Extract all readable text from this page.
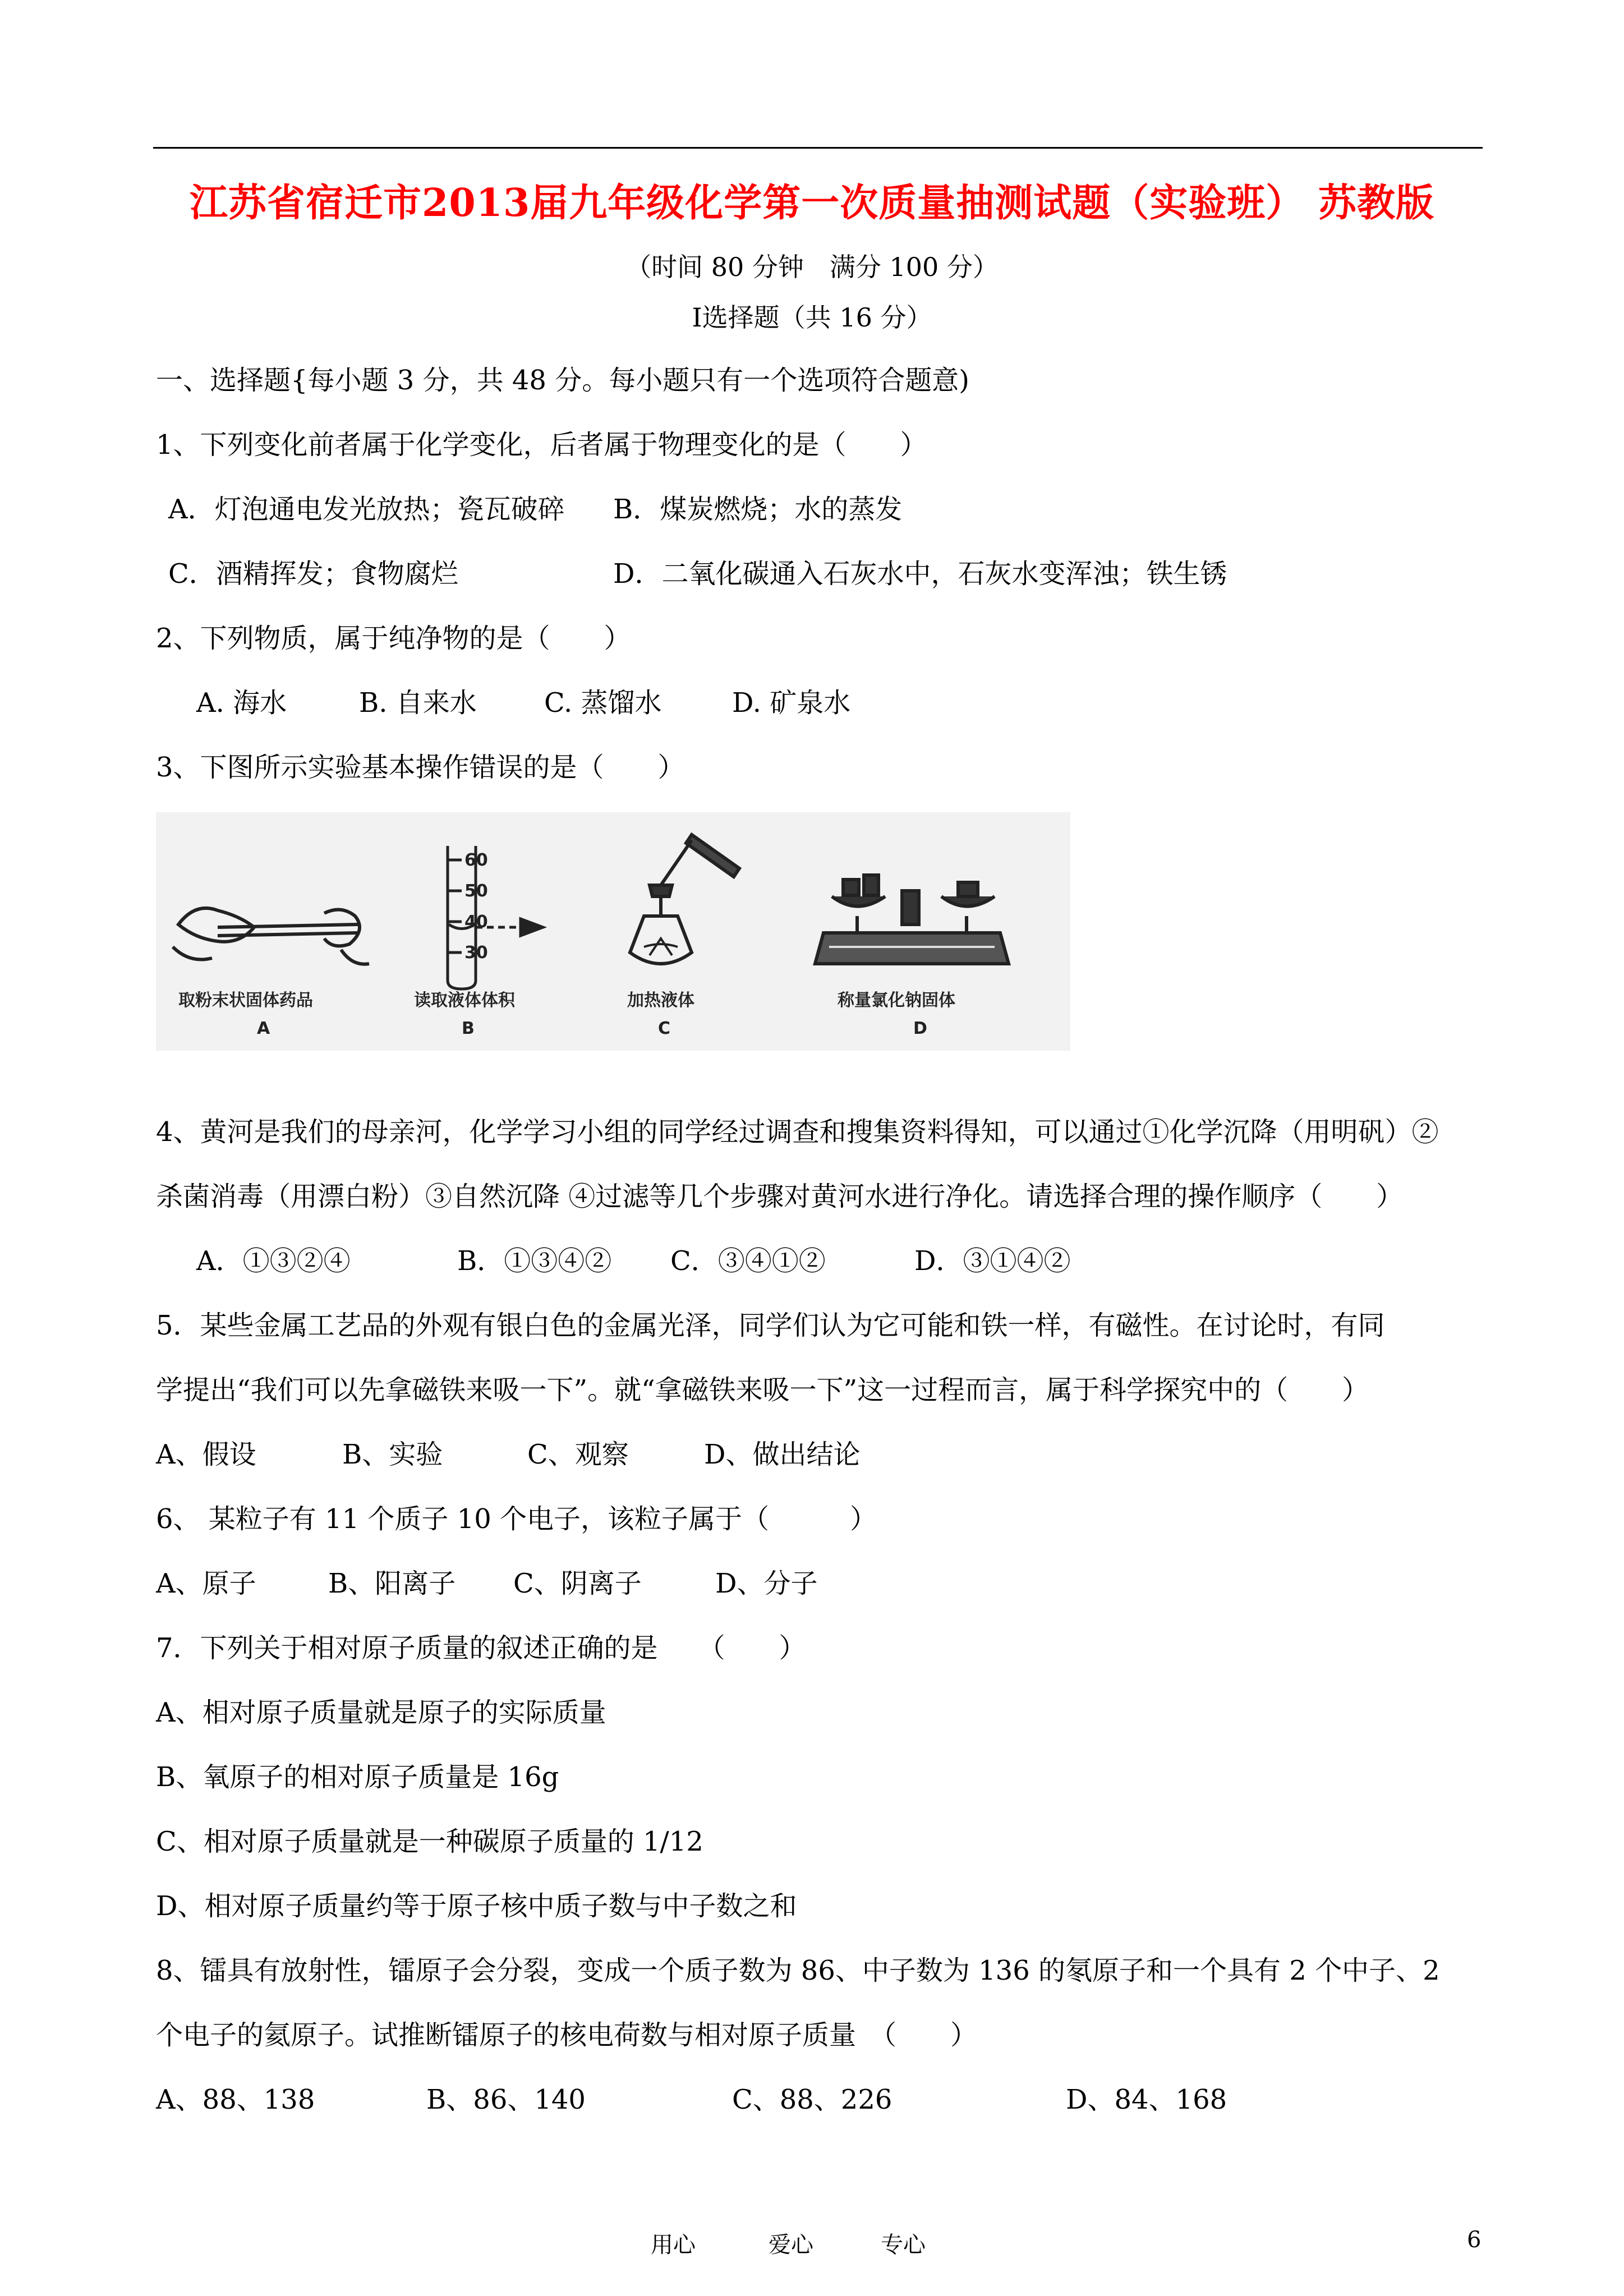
江苏省宿迁市2013届九年级化学第一次质量抽测试题（实验班） 苏教版
（时间 80 分钟　满分 100 分）
Ⅰ选择题（共 16 分）
一、选择题{每小题 3 分，共 48 分。每小题只有一个选项符合题意)
1、下列变化前者属于化学变化，后者属于物理变化的是（　　）
A．灯泡通电发光放热；瓷瓦破碎 B．煤炭燃烧；水的蒸发
C．酒精挥发；食物腐烂	D．二氧化碳通入石灰水中，石灰水变浑浊；铁生锈
2、下列物质，属于纯净物的是（　　）
A. 海水	B. 自来水	C. 蒸馏水	D. 矿泉水
3、下图所示实验基本操作错误的是（　　）
取粉末状固体药品
A
60
50
40
30
读取液体体积
B
加热液体
C
称量氯化钠固体
D
4、黄河是我们的母亲河，化学学习小组的同学经过调查和搜集资料得知，可以通过①化学沉降（用明矾）②
杀菌消毒（用漂白粉）③自然沉降 ④过滤等几个步骤对黄河水进行净化。请选择合理的操作顺序（　　）
A．①③②④	B．①③④② C．③④①②	D．③①④②
5．某些金属工艺品的外观有银白色的金属光泽，同学们认为它可能和铁一样，有磁性。在讨论时，有同
学提出“我们可以先拿磁铁来吸一下”。就“拿磁铁来吸一下”这一过程而言，属于科学探究中的（　　）
A、假设	B、实验	C、观察	D、做出结论
6、 某粒子有 11 个质子 10 个电子，该粒子属于（　　　）
A、原子	B、阳离子 C、阴离子	D、分子
7．下列关于相对原子质量的叙述正确的是　　（　　）
A、相对原子质量就是原子的实际质量
B、氧原子的相对原子质量是 16g
C、相对原子质量就是一种碳原子质量的 1/12
D、相对原子质量约等于原子核中质子数与中子数之和
8、镭具有放射性，镭原子会分裂，变成一个质子数为 86、中子数为 136 的氡原子和一个具有 2 个中子、2
个电子的氦原子。试推断镭原子的核电荷数与相对原子质量　（　　）
A、88、138	B、86、140	C、88、226	D、84、168
用心	爱心	专心	6
